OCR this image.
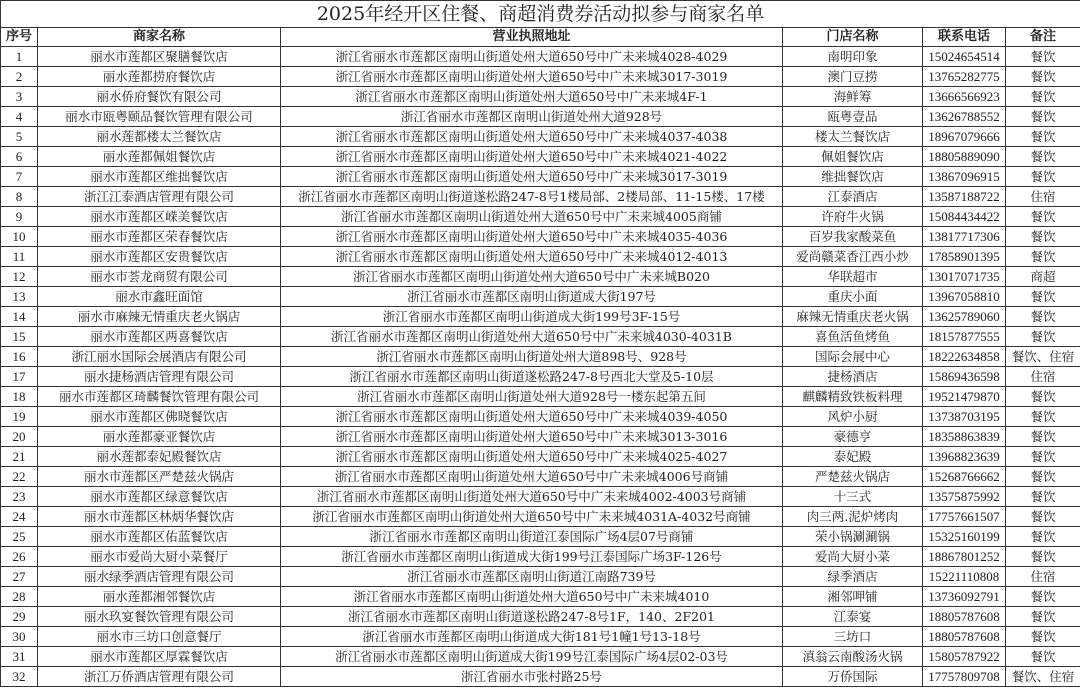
2025年经开区住餐、商超消费券活动拟参与商家名单					
序号	商家名称	营业执照地址	门店名称	联系电话	备注
1	丽水市莲都区聚膳餐饮店	浙江省丽水市莲都区南明山街道处州大道650号中广未来城4028-4029	南明印象	15024654514	餐饮
2	丽水莲都捞府餐饮店	浙江省丽水市莲都区南明山街道处州大道650号中广未来城3017-3019	澳门豆捞	13765282775	餐饮
3	丽水侨府餐饮有限公司	浙江省丽水市莲都区南明山街道处州大道650号中广未来城4F-1	海鲜筹	13666566923	餐饮
4	丽水市瓯粤颐品餐饮管理有限公司	浙江省丽水市莲都区南明山街道处州大道928号	瓯粤壹品	13626788552	餐饮
5	丽水莲都楼太兰餐饮店	浙江省丽水市莲都区南明山街道处州大道650号中广未来城4037-4038	楼太兰餐饮店	18967079666	餐饮
6	丽水莲都佩姐餐饮店	浙江省丽水市莲都区南明山街道处州大道650号中广未来城4021-4022	佩姐餐饮店	18805889090	餐饮
7	丽水市莲都区维拙餐饮店	浙江省丽水市莲都区南明山街道处州大道650号中广未来城3017-3019	维拙餐饮店	13867096915	餐饮
8	浙江江泰酒店管理有限公司	浙江省丽水市莲都区南明山街道遂松路247-8号1楼局部、2楼局部、11-15楼、17楼	江泰酒店	13587188722	住宿
9	丽水市莲都区嵘美餐饮店	浙江省丽水市莲都区南明山街道处州大道650号中广未来城4005商铺	许府牛火锅	15084434422	餐饮
10	丽水市莲都区荣春餐饮店	浙江省丽水市莲都区南明山街道处州大道650号中广未来城4035-4036	百岁我家酸菜鱼	13817717306	餐饮
11	丽水市莲都区安贵餐饮店	浙江省丽水市莲都区南明山街道处州大道650号中广未来城4012-4013	爱尚赣菜香江西小炒	17858901395	餐饮
12	丽水市荟龙商贸有限公司	浙江省丽水市莲都区南明山街道处州大道650号中广未来城B020	华联超市	13017071735	商超
13	丽水市鑫旺面馆	浙江省丽水市莲都区南明山街道成大街197号	重庆小面	13967058810	餐饮
14	丽水市麻辣无情重庆老火锅店	浙江省丽水市莲都区南明山街道成大街199号3F-15号	麻辣无情重庆老火锅	13625789060	餐饮
15	丽水市莲都区两喜餐饮店	浙江省丽水市莲都区南明山街道处州大道650号中广未来城4030-4031B	喜鱼活鱼烤鱼	18157877555	餐饮
16	浙江丽水国际会展酒店有限公司	浙江省丽水市莲都区南明山街道处州大道898号、928号	国际会展中心	18222634858	餐饮、住宿
17	丽水捷杨酒店管理有限公司	浙江省丽水市莲都区南明山街道遂松路247-8号西北大堂及5-10层	捷杨酒店	15869436598	住宿
18	丽水市莲都区琦麟餐饮管理有限公司	浙江省丽水市莲都区南明山街道处州大道928号一楼东起第五间	麒麟精致铁板料理	19521479870	餐饮
19	丽水市莲都区佛晓餐饮店	浙江省丽水市莲都区南明山街道处州大道650号中广未来城4039-4050	风炉小厨	13738703195	餐饮
20	丽水莲都豪亚餐饮店	浙江省丽水市莲都区南明山街道处州大道650号中广未来城3013-3016	豪德亨	18358863839	餐饮
21	丽水莲都泰妃殿餐饮店	浙江省丽水市莲都区南明山街道处州大道650号中广未来城4025-4027	泰妃殿	13968823639	餐饮
22	丽水市莲都区严楚兹火锅店	浙江省丽水市莲都区南明山街道处州大道650号中广未来城4006号商铺	严楚兹火锅店	15268766662	餐饮
23	丽水市莲都区绿意餐饮店	浙江省丽水市莲都区南明山街道处州大道650号中广未来城4002-4003号商铺	十三式	13575875992	餐饮
24	丽水市莲都区林炳华餐饮店	浙江省丽水市莲都区南明山街道处州大道650号中广未来城4031A-4032号商铺	肉三两.泥炉烤肉	17757661507	餐饮
25	丽水市莲都区佑蓝餐饮店	浙江省丽水市莲都区南明山街道江泰国际广场4层07号商铺	荣小锅涮涮锅	15325160199	餐饮
26	丽水市爱尚大厨小菜餐厅	浙江省丽水市莲都区南明山街道成大街199号江泰国际广场3F-126号	爱尚大厨小菜	18867801252	餐饮
27	丽水绿季酒店管理有限公司	浙江省丽水市莲都区南明山街道江南路739号	绿季酒店	15221110808	住宿
28	丽水莲都湘邻餐饮店	浙江省丽水市莲都区南明山街道处州大道650号中广未来城4010	湘邻呷铺	13736092791	餐饮
29	丽水玖宴餐饮管理有限公司	浙江省丽水市莲都区南明山街道遂松路247-8号1F，140、2F201	江泰宴	18805787608	餐饮
30	丽水市三坊口创意餐厅	浙江省丽水市莲都区南明山街道成大街181号1幢1号13-18号	三坊口	18805787608	餐饮
31	丽水市莲都区厚霖餐饮店	浙江省丽水市莲都区南明山街道成大街199号江泰国际广场4层02-03号	滇翁云南酸汤火锅	15805787922	餐饮
32	浙江万侨酒店管理有限公司	浙江省丽水市张村路25号	万侨国际	17757809708	餐饮、住宿
